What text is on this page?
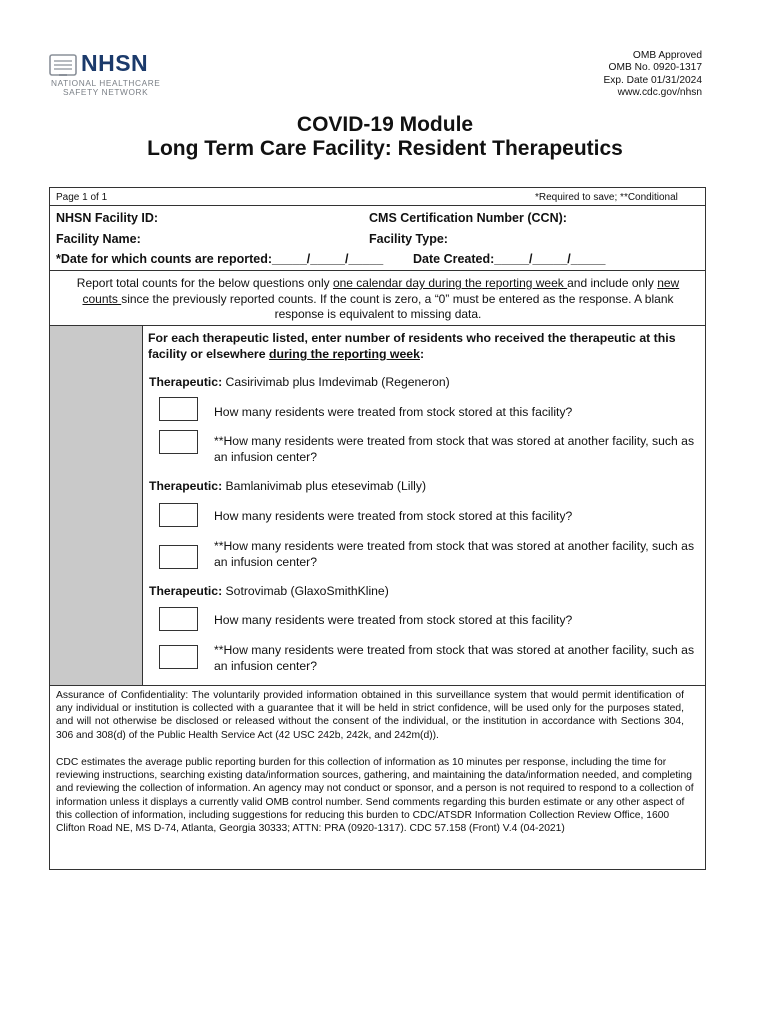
NHSN
NATIONAL HEALTHCARE
SAFETY NETWORK
OMB Approved
OMB No. 0920-1317
Exp. Date 01/31/2024
www.cdc.gov/nhsn
COVID-19 Module
Long Term Care Facility: Resident Therapeutics
Page 1 of 1	*Required to save; **Conditional
NHSN Facility ID:	CMS Certification Number (CCN):
Facility Name:	Facility Type:
*Date for which counts are reported:_____/_____/_____ Date Created:_____/_____/_____
Report total counts for the below questions only one calendar day during the reporting week and include only new counts since the previously reported counts. If the count is zero, a “0” must be entered as the response. A blank response is equivalent to missing data.
For each therapeutic listed, enter number of residents who received the therapeutic at this facility or elsewhere during the reporting week:
Therapeutic: Casirivimab plus Imdevimab (Regeneron)
How many residents were treated from stock stored at this facility?
**How many residents were treated from stock that was stored at another facility, such as an infusion center?
Therapeutic: Bamlanivimab plus etesevimab (Lilly)
How many residents were treated from stock stored at this facility?
**How many residents were treated from stock that was stored at another facility, such as an infusion center?
Therapeutic: Sotrovimab (GlaxoSmithKline)
How many residents were treated from stock stored at this facility?
**How many residents were treated from stock that was stored at another facility, such as an infusion center?
Assurance of Confidentiality: The voluntarily provided information obtained in this surveillance system that would permit identification of any individual or institution is collected with a guarantee that it will be held in strict confidence, will be used only for the purposes stated, and will not otherwise be disclosed or released without the consent of the individual, or the institution in accordance with Sections 304, 306 and 308(d) of the Public Health Service Act (42 USC 242b, 242k, and 242m(d)).
CDC estimates the average public reporting burden for this collection of information as 10 minutes per response, including the time for reviewing instructions, searching existing data/information sources, gathering, and maintaining the data/information needed, and completing and reviewing the collection of information. An agency may not conduct or sponsor, and a person is not required to respond to a collection of information unless it displays a currently valid OMB control number. Send comments regarding this burden estimate or any other aspect of this collection of information, including suggestions for reducing this burden to CDC/ATSDR Information Collection Review Office, 1600 Clifton Road NE, MS D-74, Atlanta, Georgia 30333; ATTN: PRA (0920-1317). CDC 57.158 (Front) V.4 (04-2021)
